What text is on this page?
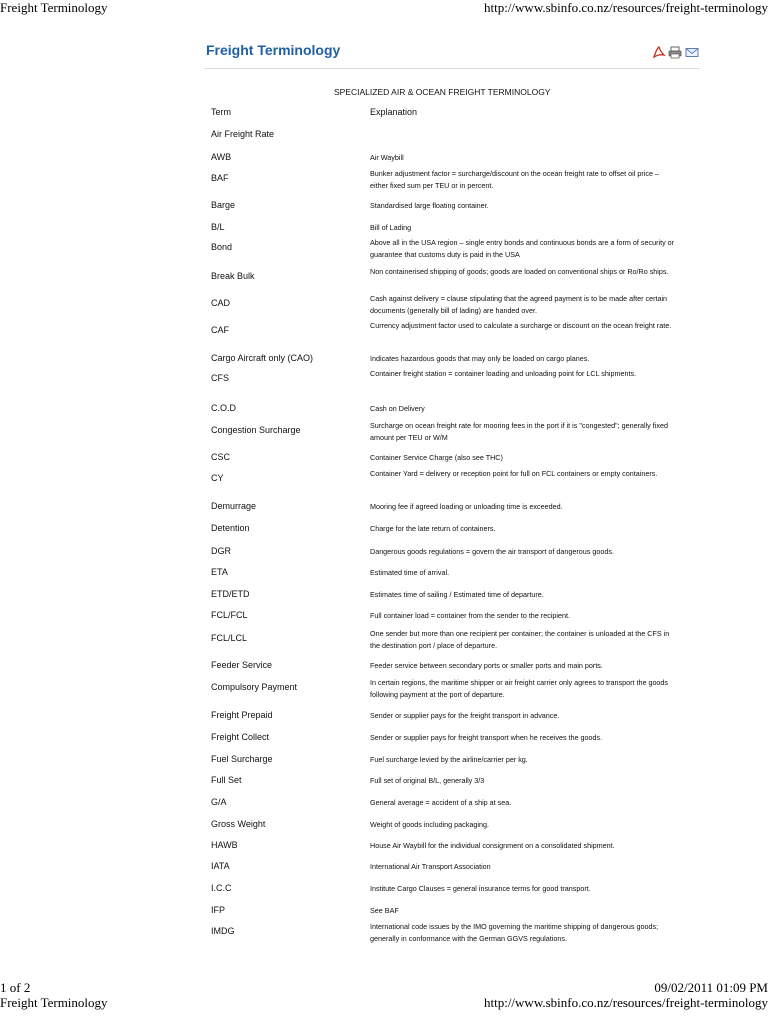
Freight Terminology	http://www.sbinfo.co.nz/resources/freight-terminology
Freight Terminology
SPECIALIZED AIR & OCEAN FREIGHT TERMINOLOGY
Term	Explanation
Air Freight Rate
AWB	Air Waybill
BAF	Bunker adjustment factor = surcharge/discount on the ocean freight rate to offset oil price – either fixed sum per TEU or in percent.
Barge	Standardised large floating container.
B/L	Bill of Lading
Bond	Above all in the USA region – single entry bonds and continuous bonds are a form of security or guarantee that customs duty is paid in the USA
Break Bulk	Non containerised shipping of goods; goods are loaded on conventional ships or Ro/Ro ships.
CAD	Cash against delivery = clause stipulating that the agreed payment is to be made after certain documents (generally bill of lading) are handed over.
CAF	Currency adjustment factor used to calculate a surcharge or discount on the ocean freight rate.
Cargo Aircraft only (CAO)	Indicates hazardous goods that may only be loaded on cargo planes.
CFS	Container freight station = container loading and unloading point for LCL shipments.
C.O.D	Cash on Delivery
Congestion Surcharge	Surcharge on ocean freight rate for mooring fees in the port if it is "congested"; generally fixed amount per TEU or W/M
CSC	Container Service Charge (also see THC)
CY	Container Yard = delivery or reception point for full on FCL containers or empty containers.
Demurrage	Mooring fee if agreed loading or unloading time is exceeded.
Detention	Charge for the late return of containers.
DGR	Dangerous goods regulations = govern the air transport of dangerous goods.
ETA	Estimated time of arrival.
ETD/ETD	Estimates time of sailing / Estimated time of departure.
FCL/FCL	Full container load = container from the sender to the recipient.
FCL/LCL	One sender but more than one recipient per container; the container is unloaded at the CFS in the destination port / place of departure.
Feeder Service	Feeder service between secondary ports or smaller ports and main ports.
Compulsory Payment	In certain regions, the maritime shipper or air freight carrier only agrees to transport the goods following payment at the port of departure.
Freight Prepaid	Sender or supplier pays for the freight transport in advance.
Freight Collect	Sender or supplier pays for freight transport when he receives the goods.
Fuel Surcharge	Fuel surcharge levied by the airline/carrier per kg.
Full Set	Full set of original B/L, generally 3/3
G/A	General average = accident of a ship at sea.
Gross Weight	Weight of goods including packaging.
HAWB	House Air Waybill for the individual consignment on a consolidated shipment.
IATA	International Air Transport Association
I.C.C	Institute Cargo Clauses = general insurance terms for good transport.
IFP	See BAF
IMDG	International code issues by the IMO governing the maritime shipping of dangerous goods; generally in conformance with the German GGVS regulations.
1 of 2	09/02/2011 01:09 PM
Freight Terminology	http://www.sbinfo.co.nz/resources/freight-terminology
